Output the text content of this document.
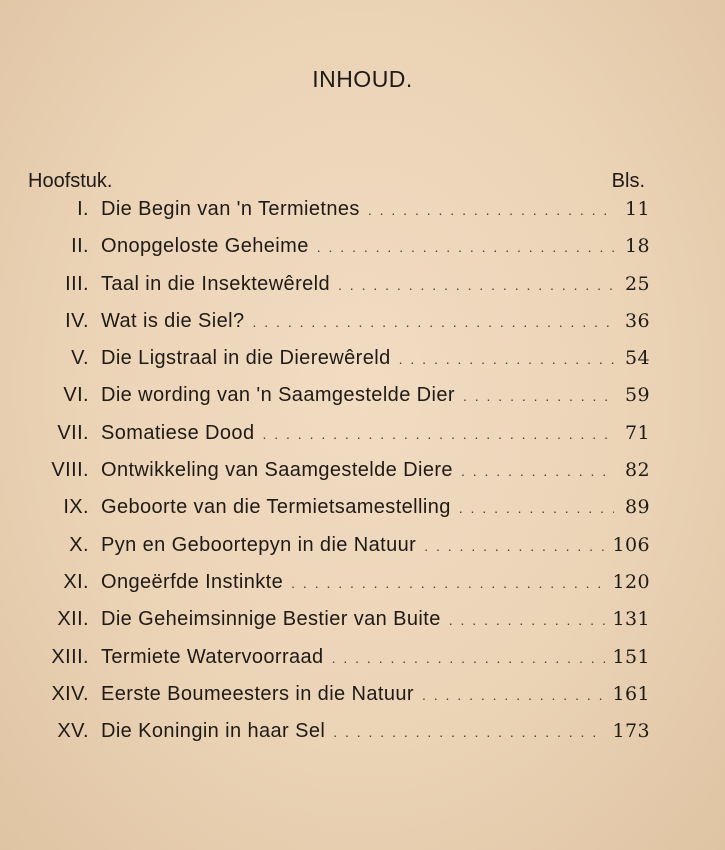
INHOUD.
Hoofstuk.	Bls.
I. Die Begin van 'n Termietnes . . .	11
II. Onopgeloste Geheime . . .	18
III. Taal in die Insektewêreld . . .	25
IV. Wat is die Siel? . . .	36
V. Die Ligstraal in die Dierewêreld . . .	54
VI. Die wording van 'n Saamgestelde Dier . . .	59
VII. Somatiese Dood . . .	71
VIII. Ontwikkeling van Saamgestelde Diere . . .	82
IX. Geboorte van die Termietsamestelling . . .	89
X. Pyn en Geboortepyn in die Natuur . . .	106
XI. Ongeërfde Instinkte . . .	120
XII. Die Geheimsinnige Bestier van Buite . . .	131
XIII. Termiete Watervoorraad . . .	151
XIV. Eerste Boumeesters in die Natuur . . .	161
XV. Die Koningin in haar Sel . . .	173
